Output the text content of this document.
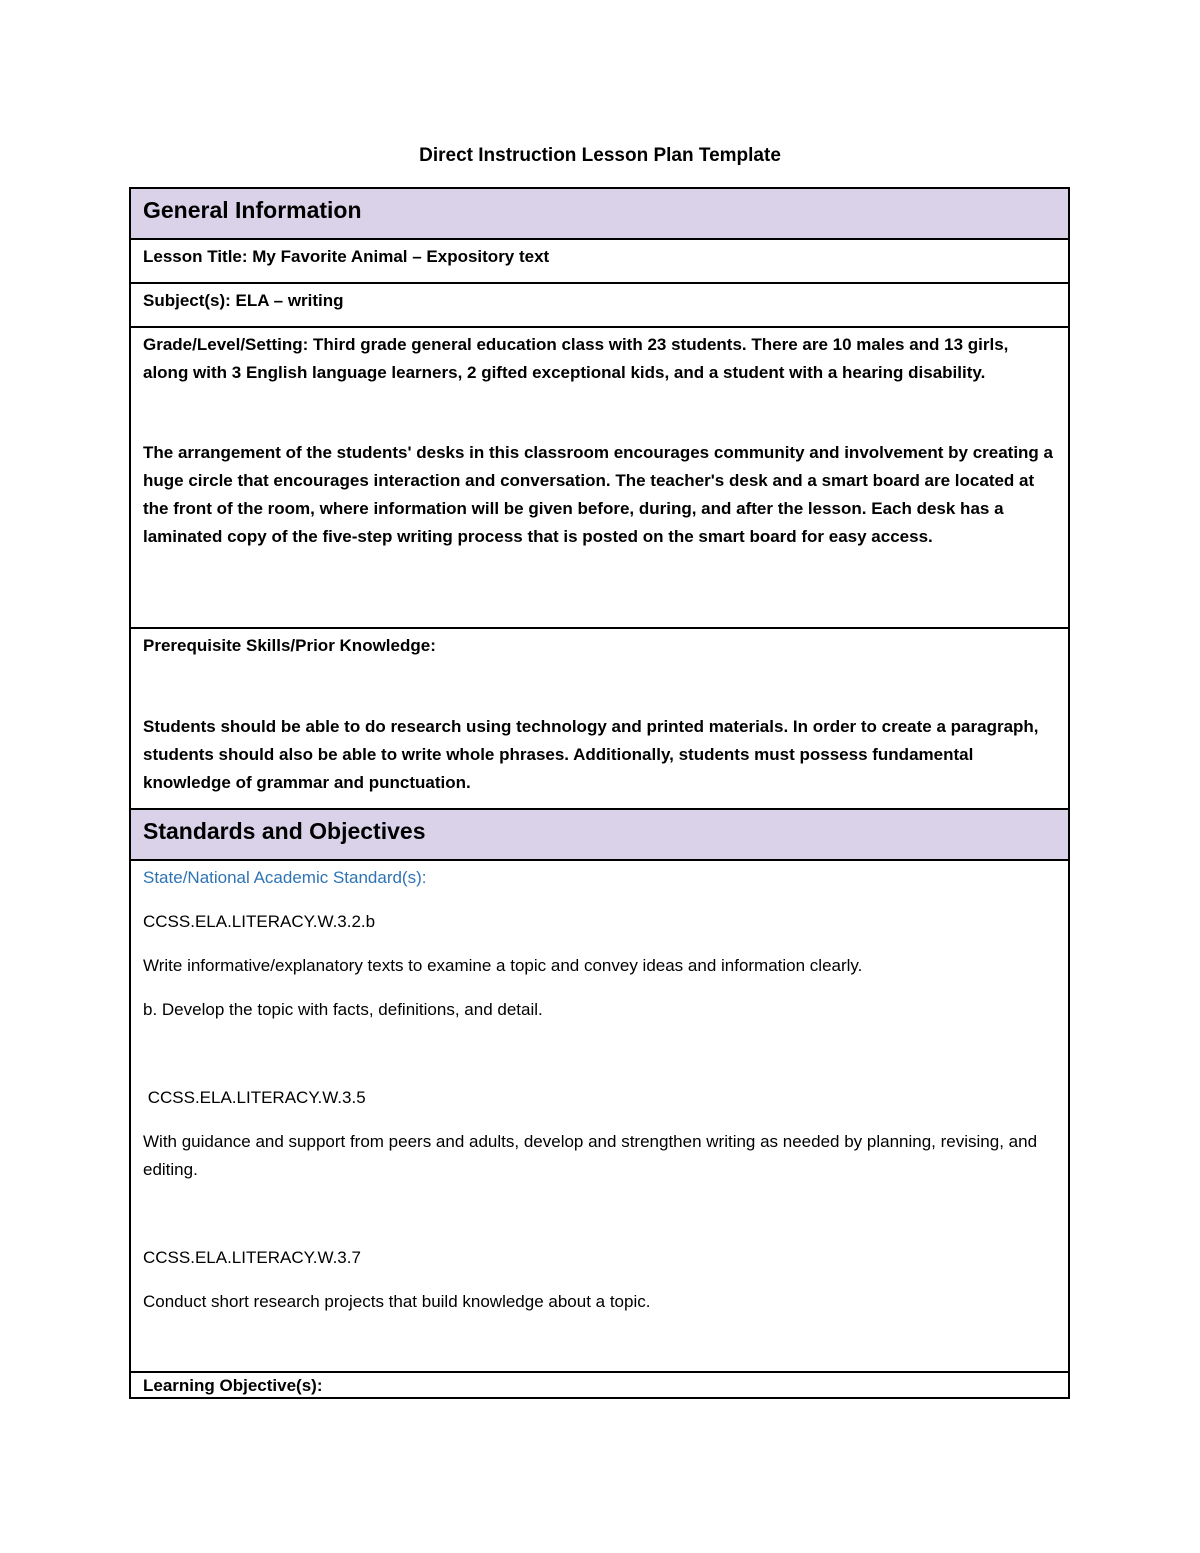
Direct Instruction Lesson Plan Template
General Information

Lesson Title: My Favorite Animal – Expository text

Subject(s): ELA – writing

Grade/Level/Setting: Third grade general education class with 23 students. There are 10 males and 13 girls, along with 3 English language learners, 2 gifted exceptional kids, and a student with a hearing disability.

The arrangement of the students' desks in this classroom encourages community and involvement by creating a huge circle that encourages interaction and conversation. The teacher's desk and a smart board are located at the front of the room, where information will be given before, during, and after the lesson. Each desk has a laminated copy of the five-step writing process that is posted on the smart board for easy access.

Prerequisite Skills/Prior Knowledge:

Students should be able to do research using technology and printed materials. In order to create a paragraph, students should also be able to write whole phrases. Additionally, students must possess fundamental knowledge of grammar and punctuation.

Standards and Objectives

State/National Academic Standard(s):

CCSS.ELA.LITERACY.W.3.2.b

Write informative/explanatory texts to examine a topic and convey ideas and information clearly.

b. Develop the topic with facts, definitions, and detail.

CCSS.ELA.LITERACY.W.3.5

With guidance and support from peers and adults, develop and strengthen writing as needed by planning, revising, and editing.

CCSS.ELA.LITERACY.W.3.7

Conduct short research projects that build knowledge about a topic.

Learning Objective(s):
